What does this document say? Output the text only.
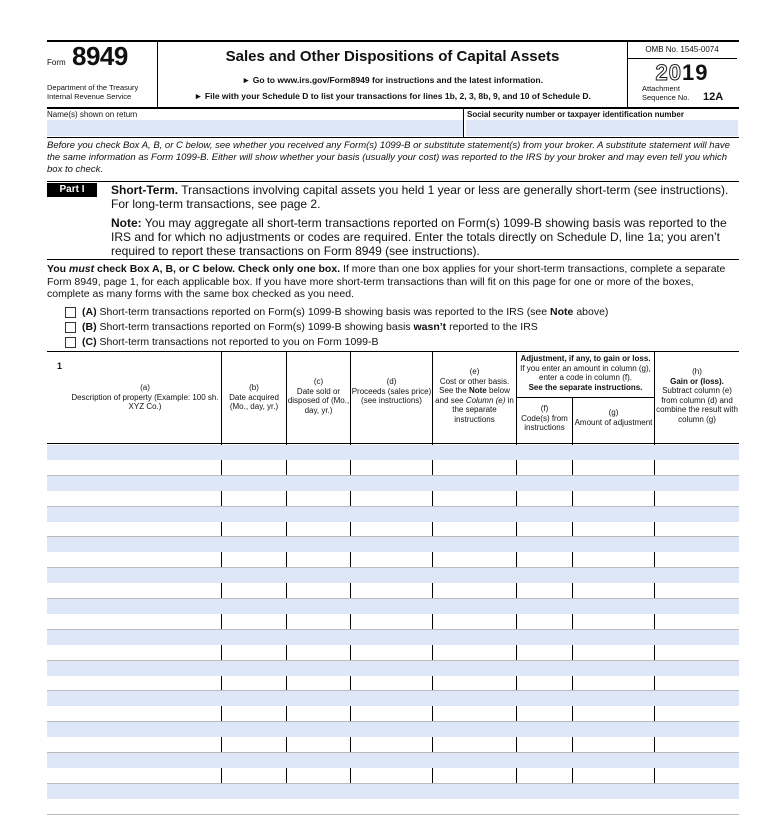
Form 8949
Department of the Treasury
Internal Revenue Service
Sales and Other Dispositions of Capital Assets
► Go to www.irs.gov/Form8949 for instructions and the latest information.
► File with your Schedule D to list your transactions for lines 1b, 2, 3, 8b, 9, and 10 of Schedule D.
OMB No. 1545-0074
2019
Attachment
Sequence No. 12A
Name(s) shown on return	Social security number or taxpayer identification number
Before you check Box A, B, or C below, see whether you received any Form(s) 1099-B or substitute statement(s) from your broker. A substitute statement will have the same information as Form 1099-B. Either will show whether your basis (usually your cost) was reported to the IRS by your broker and may even tell you which box to check.
Part I	Short-Term. Transactions involving capital assets you held 1 year or less are generally short-term (see instructions). For long-term transactions, see page 2.
Note: You may aggregate all short-term transactions reported on Form(s) 1099-B showing basis was reported to the IRS and for which no adjustments or codes are required. Enter the totals directly on Schedule D, line 1a; you aren’t required to report these transactions on Form 8949 (see instructions).
You must check Box A, B, or C below. Check only one box. If more than one box applies for your short-term transactions, complete a separate Form 8949, page 1, for each applicable box. If you have more short-term transactions than will fit on this page for one or more of the boxes, complete as many forms with the same box checked as you need.
(A) Short-term transactions reported on Form(s) 1099-B showing basis was reported to the IRS (see Note above)
(B) Short-term transactions reported on Form(s) 1099-B showing basis wasn’t reported to the IRS
(C) Short-term transactions not reported to you on Form 1099-B
1
Adjustment, if any, to gain or loss.
If you enter an amount in column (g), enter a code in column (f).
See the separate instructions.
(a)
Description of property (Example: 100 sh. XYZ Co.)
(b)
Date acquired (Mo., day, yr.)
(c)
Date sold or disposed of (Mo., day, yr.)
(d)
Proceeds (sales price) (see instructions)
(e)
Cost or other basis. See the Note below and see Column (e) in the separate instructions
(f)
Code(s) from instructions
(g)
Amount of adjustment
(h)
Gain or (loss).
Subtract column (e) from column (d) and combine the result with column (g)
